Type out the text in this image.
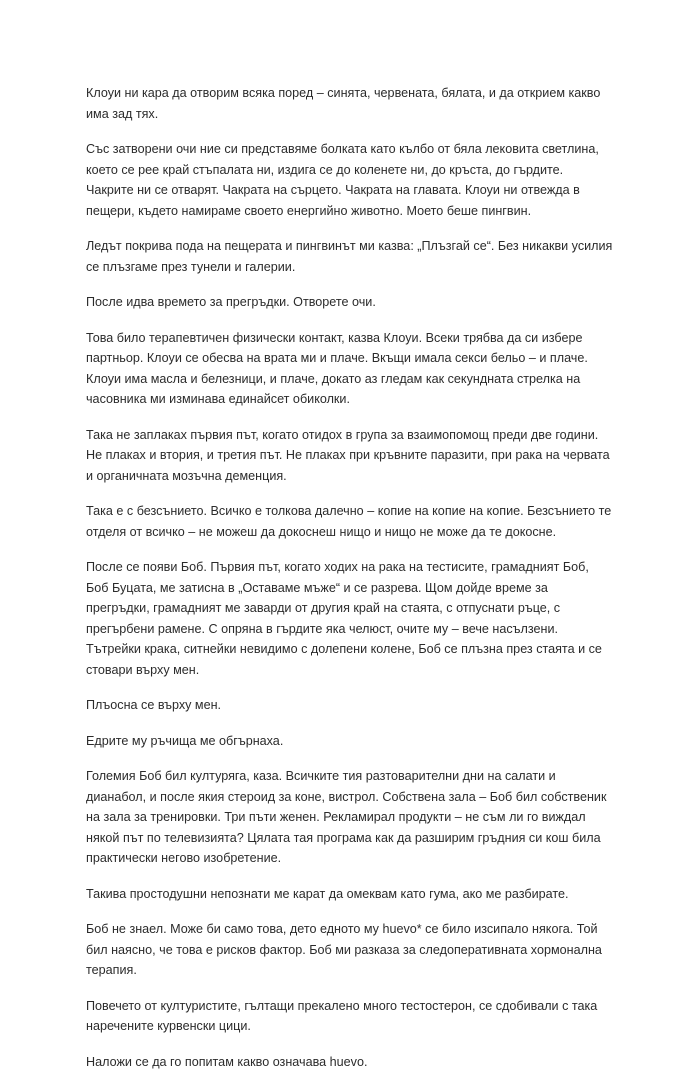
Клоуи ни кара да отворим всяка поред – синята, червената, бялата, и да открием какво има зад тях.

Със затворени очи ние си представяме болката като кълбо от бяла лековита светлина, което се рее край стъпалата ни, издига се до коленете ни, до кръста, до гърдите. Чакрите ни се отварят. Чакрата на сърцето. Чакрата на главата. Клоуи ни отвежда в пещери, където намираме своето енергийно животно. Моето беше пингвин.

Ледът покрива пода на пещерата и пингвинът ми казва: „Плъзгай се“. Без никакви усилия се плъзгаме през тунели и галерии.

После идва времето за прегръдки. Отворете очи.

Това било терапевтичен физически контакт, казва Клоуи. Всеки трябва да си избере партньор. Клоуи се обесва на врата ми и плаче. Вкъщи имала секси бельо – и плаче. Клоуи има масла и белезници, и плаче, докато аз гледам как секундната стрелка на часовника ми изминава единайсет обиколки.

Така не заплаках първия път, когато отидох в група за взаимопомощ преди две години. Не плаках и втория, и третия път. Не плаках при кръвните паразити, при рака на червата и органичната мозъчна деменция.

Така е с безсънието. Всичко е толкова далечно – копие на копие на копие. Безсънието те отделя от всичко – не можеш да докоснеш нищо и нищо не може да те докосне.

После се появи Боб. Първия път, когато ходих на рака на тестисите, грамадният Боб, Боб Буцата, ме затисна в „Оставаме мъже“ и се разрева. Щом дойде време за прегръдки, грамадният ме заварди от другия край на стаята, с отпуснати ръце, с прегърбени рамене. С опряна в гърдите яка челюст, очите му – вече насълзени. Тътрейки крака, ситнейки невидимо с долепени колене, Боб се плъзна през стаята и се стовари върху мен.

Плъосна се върху мен.

Едрите му ръчища ме обгърнаха.

Големия Боб бил културяга, каза. Всичките тия разтоварителни дни на салати и дианабол, и после якия стероид за коне, вистрол. Собствена зала – Боб бил собственик на зала за тренировки. Три пъти женен. Рекламирал продукти – не съм ли го виждал някой път по телевизията? Цялата тая програма как да разширим гръдния си кош била практически негово изобретение.

Такива простодушни непознати ме карат да омеквам като гума, ако ме разбирате.

Боб не знаел. Може би само това, дето едното му huevo* се било изсипало някога. Той бил наясно, че това е рисков фактор. Боб ми разказа за следоперативната хормонална терапия.

Повечето от културистите, гълтащи прекалено много тестостерон, се сдобивали с така наречените курвенски цици.

Наложи се да го попитам какво означава huevo.
